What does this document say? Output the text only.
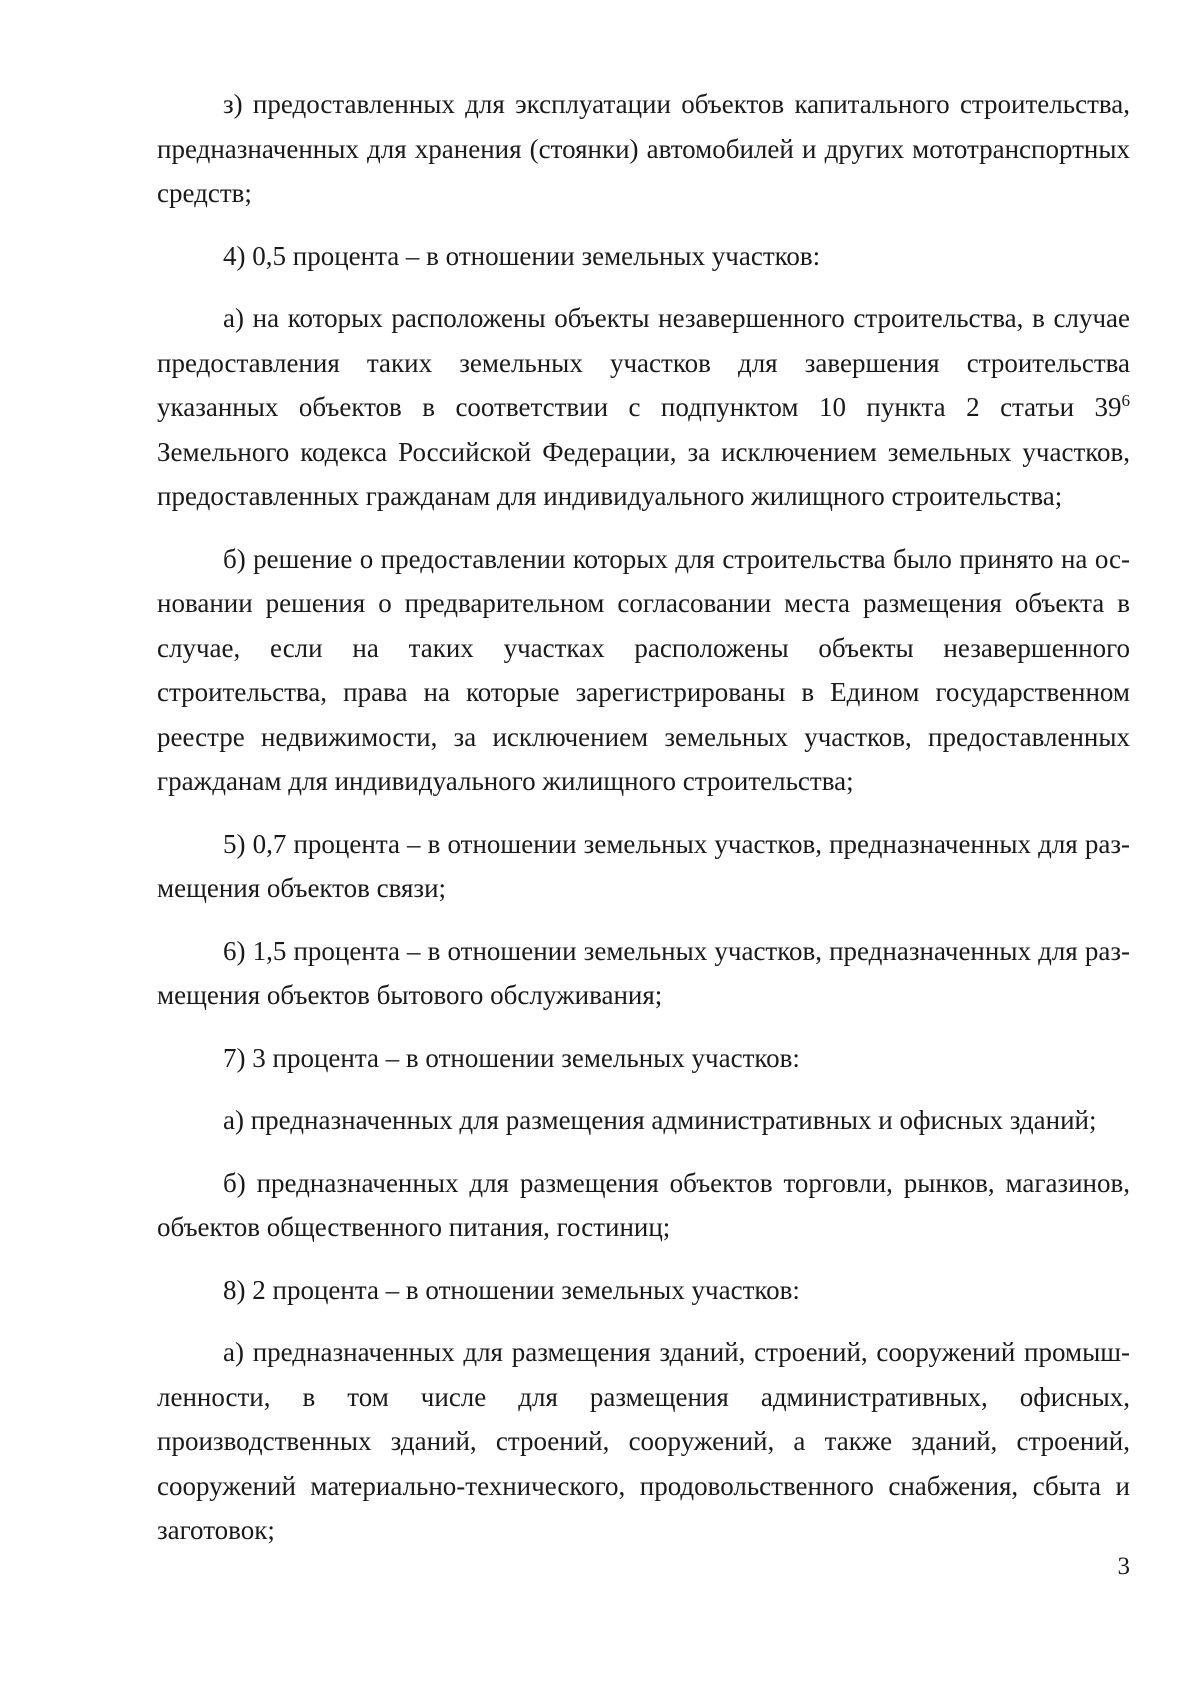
з) предоставленных для эксплуатации объектов капитального строительства, предназначенных для хранения (стоянки) автомобилей и других мототранспортных средств;

4) 0,5 процента – в отношении земельных участков:

а) на которых расположены объекты незавершенного строительства, в случае предоставления таких земельных участков для завершения строительства указанных объектов в соответствии с подпунктом 10 пункта 2 статьи $39^6$ Земельного кодекса Российской Федерации, за исключением земельных участков, предоставленных гражданам для индивидуального жилищного строительства;

б) решение о предоставлении которых для строительства было принято на основании решения о предварительном согласовании места размещения объекта в случае, если на таких участках расположены объекты незавершенного строительства, права на которые зарегистрированы в Едином государственном реестре недвижимости, за исключением земельных участков, предоставленных гражданам для индивидуального жилищного строительства;

5) 0,7 процента – в отношении земельных участков, предназначенных для размещения объектов связи;

6) 1,5 процента – в отношении земельных участков, предназначенных для размещения объектов бытового обслуживания;

7) 3 процента – в отношении земельных участков:

а) предназначенных для размещения административных и офисных зданий;

б) предназначенных для размещения объектов торговли, рынков, магазинов, объектов общественного питания, гостиниц;

8) 2 процента – в отношении земельных участков:

а) предназначенных для размещения зданий, строений, сооружений промышленности, в том числе для размещения административных, офисных, производственных зданий, строений, сооружений, а также зданий, строений, сооружений материально-технического, продовольственного снабжения, сбыта и заготовок;

3
